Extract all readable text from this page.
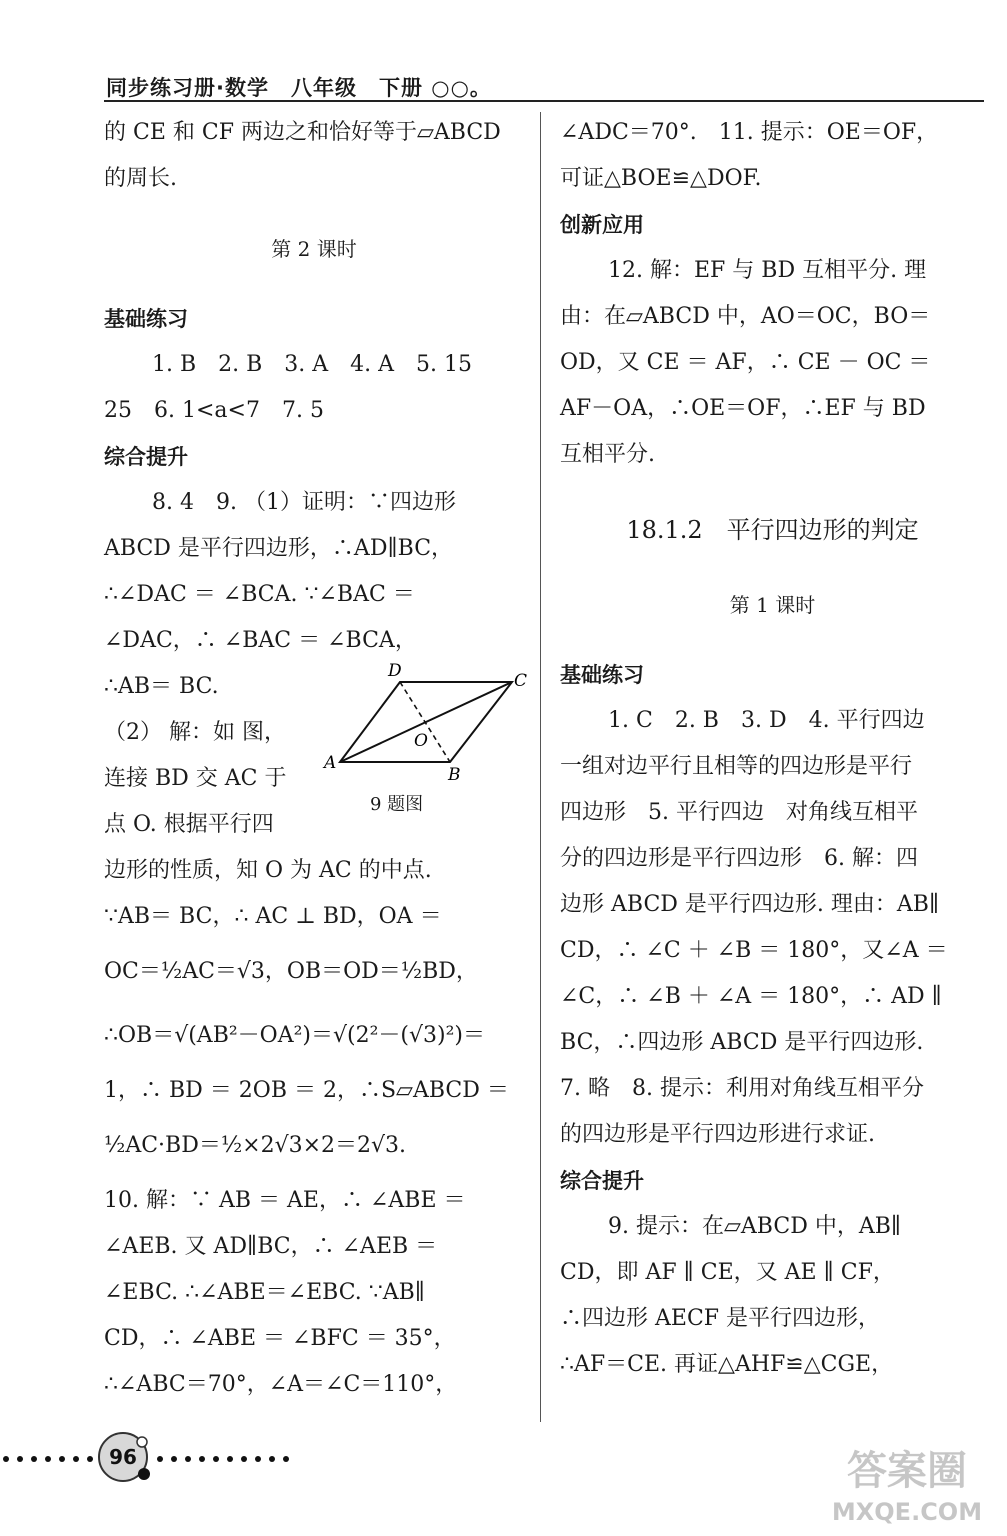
同步练习册·数学　八年级　下册 ○○。
的 CE 和 CF 两边之和恰好等于▱ABCD
的周长.
第 2 课时
基础练习
1. B　2. B　3. A　4. A　5. 15
25　6. 1<a<7　7. 5
综合提升
8. 4　9. （1）证明：∵四边形
ABCD 是平行四边形，∴AD∥BC，
∴∠DAC ＝ ∠BCA. ∵∠BAC ＝
∠DAC，∴ ∠BAC ＝ ∠BCA，
∴AB＝ BC.
（2） 解：如 图，
连接 BD 交 AC 于
点 O. 根据平行四
边形的性质，知 O 为 AC 的中点.
∵AB＝ BC，∴ AC ⊥ BD，OA ＝
OC＝½AC＝√3，OB＝OD＝½BD，
∴OB＝√(AB²－OA²)＝√(2²－(√3)²)＝
1，∴ BD ＝ 2OB ＝ 2，∴S▱ABCD ＝
½AC·BD＝½×2√3×2＝2√3.
10. 解：∵ AB ＝ AE，∴ ∠ABE ＝
∠AEB. 又 AD∥BC，∴ ∠AEB ＝
∠EBC. ∴∠ABE＝∠EBC. ∵AB∥
CD，∴ ∠ABE ＝ ∠BFC ＝ 35°，
∴∠ABC＝70°，∠A＝∠C＝110°，
D	C
A
B
O
9 题图
∠ADC＝70°.　11. 提示：OE＝OF，
可证△BOE≌△DOF.
创新应用
12. 解：EF 与 BD 互相平分. 理
由：在▱ABCD 中，AO＝OC，BO＝
OD，又 CE ＝ AF，∴ CE － OC ＝
AF－OA，∴OE＝OF，∴EF 与 BD
互相平分.
18.1.2　平行四边形的判定
第 1 课时
基础练习
1. C　2. B　3. D　4. 平行四边
一组对边平行且相等的四边形是平行
四边形　5. 平行四边　对角线互相平
分的四边形是平行四边形　6. 解：四
边形 ABCD 是平行四边形. 理由：AB∥
CD，∴ ∠C ＋ ∠B ＝ 180°，又∠A ＝
∠C，∴ ∠B ＋ ∠A ＝ 180°，∴ AD ∥
BC，∴四边形 ABCD 是平行四边形.
7. 略　8. 提示：利用对角线互相平分
的四边形是平行四边形进行求证.
综合提升
9. 提示：在▱ABCD 中，AB∥
CD，即 AF ∥ CE，又 AE ∥ CF，
∴四边形 AECF 是平行四边形，
∴AF＝CE. 再证△AHF≌△CGE，
96	答案圈
MXQE.COM
